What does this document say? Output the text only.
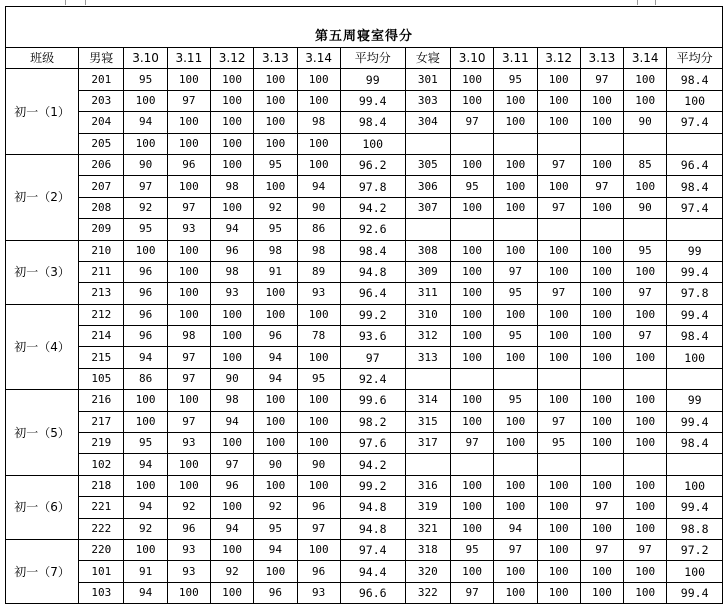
第五周寝室得分
班级	男寝	3.10	3.11	3.12	3.13	3.14	平均分	女寝	3.10	3.11	3.12	3.13	3.14	平均分
初一（1）	201	95	100	100	100	100	99	301	100	95	100	97	100	98.4
	203	100	97	100	100	100	99.4	303	100	100	100	100	100	100
	204	94	100	100	100	98	98.4	304	97	100	100	100	90	97.4
	205	100	100	100	100	100	100							
初一（2）	206	90	96	100	95	100	96.2	305	100	100	97	100	85	96.4
	207	97	100	98	100	94	97.8	306	95	100	100	97	100	98.4
	208	92	97	100	92	90	94.2	307	100	100	97	100	90	97.4
	209	95	93	94	95	86	92.6							
初一（3）	210	100	100	96	98	98	98.4	308	100	100	100	100	95	99
	211	96	100	98	91	89	94.8	309	100	97	100	100	100	99.4
	213	96	100	93	100	93	96.4	311	100	95	97	100	97	97.8
初一（4）	212	96	100	100	100	100	99.2	310	100	100	100	100	100	99.4
	214	96	98	100	96	78	93.6	312	100	95	100	100	97	98.4
	215	94	97	100	94	100	97	313	100	100	100	100	100	100
	105	86	97	90	94	95	92.4							
初一（5）	216	100	100	98	100	100	99.6	314	100	95	100	100	100	99
	217	100	97	94	100	100	98.2	315	100	100	97	100	100	99.4
	219	95	93	100	100	100	97.6	317	97	100	95	100	100	98.4
	102	94	100	97	90	90	94.2							
初一（6）	218	100	100	96	100	100	99.2	316	100	100	100	100	100	100
	221	94	92	100	92	96	94.8	319	100	100	100	97	100	99.4
	222	92	96	94	95	97	94.8	321	100	94	100	100	100	98.8
初一（7）	220	100	93	100	94	100	97.4	318	95	97	100	97	97	97.2
	101	91	93	92	100	96	94.4	320	100	100	100	100	100	100
	103	94	100	100	96	93	96.6	322	97	100	100	100	100	99.4
